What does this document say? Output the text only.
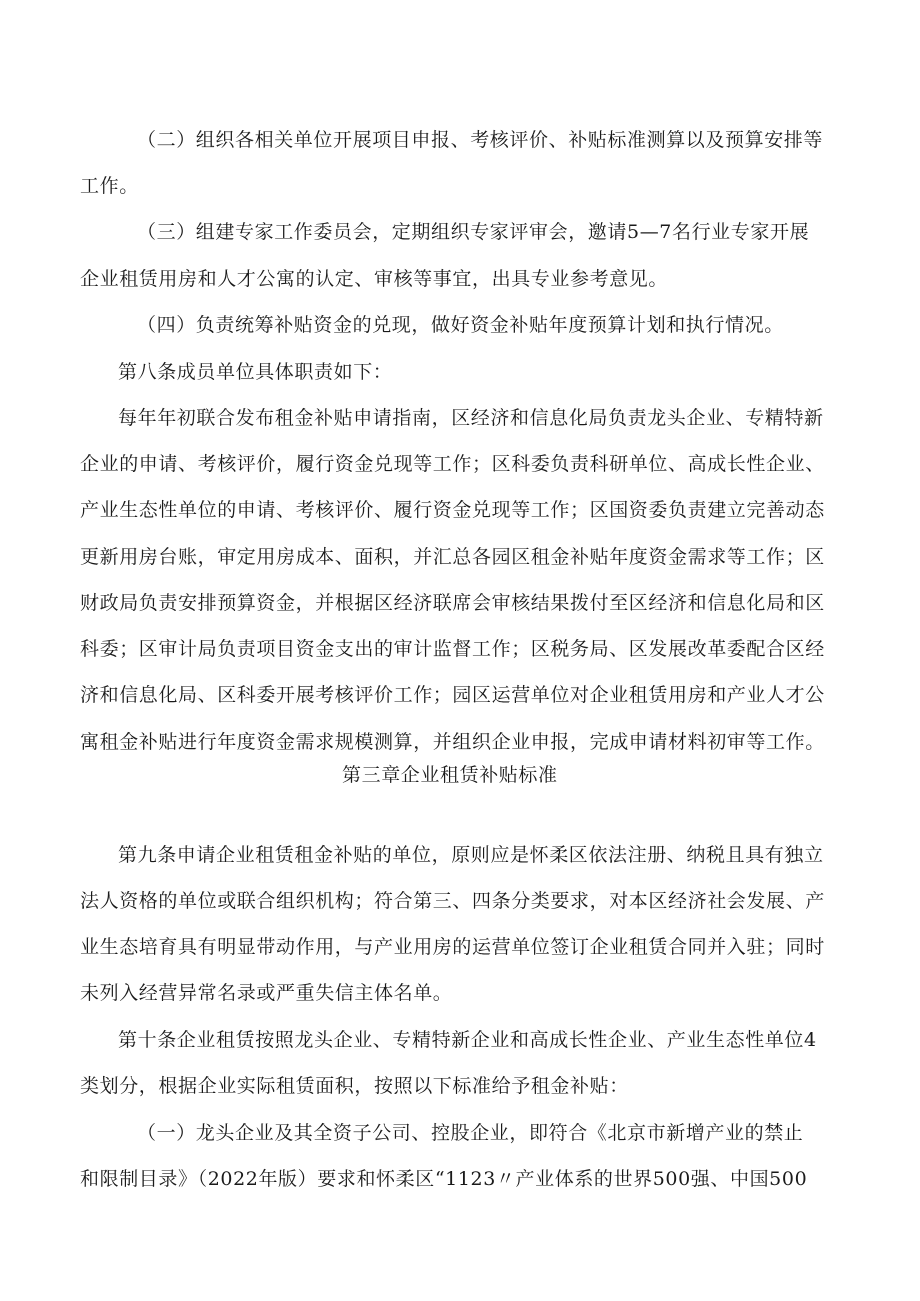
（二）组织各相关单位开展项目申报、考核评价、补贴标准测算以及预算安排等
工作。
（三）组建专家工作委员会，定期组织专家评审会，邀请5—7名行业专家开展
企业租赁用房和人才公寓的认定、审核等事宜，出具专业参考意见。
（四）负责统筹补贴资金的兑现，做好资金补贴年度预算计划和执行情况。
第八条成员单位具体职责如下：
每年年初联合发布租金补贴申请指南，区经济和信息化局负责龙头企业、专精特新
企业的申请、考核评价，履行资金兑现等工作；区科委负责科研单位、高成长性企业、
产业生态性单位的申请、考核评价、履行资金兑现等工作；区国资委负责建立完善动态
更新用房台账，审定用房成本、面积，并汇总各园区租金补贴年度资金需求等工作；区
财政局负责安排预算资金，并根据区经济联席会审核结果拨付至区经济和信息化局和区
科委；区审计局负责项目资金支出的审计监督工作；区税务局、区发展改革委配合区经
济和信息化局、区科委开展考核评价工作；园区运营单位对企业租赁用房和产业人才公
寓租金补贴进行年度资金需求规模测算，并组织企业申报，完成申请材料初审等工作。
第三章企业租赁补贴标准
第九条申请企业租赁租金补贴的单位，原则应是怀柔区依法注册、纳税且具有独立
法人资格的单位或联合组织机构；符合第三、四条分类要求，对本区经济社会发展、产
业生态培育具有明显带动作用，与产业用房的运营单位签订企业租赁合同并入驻；同时
未列入经营异常名录或严重失信主体名单。
第十条企业租赁按照龙头企业、专精特新企业和高成长性企业、产业生态性单位4
类划分，根据企业实际租赁面积，按照以下标准给予租金补贴：
（一）龙头企业及其全资子公司、控股企业，即符合《北京市新增产业的禁止
和限制目录》（2022年版）要求和怀柔区“1123〃产业体系的世界500强、中国500
